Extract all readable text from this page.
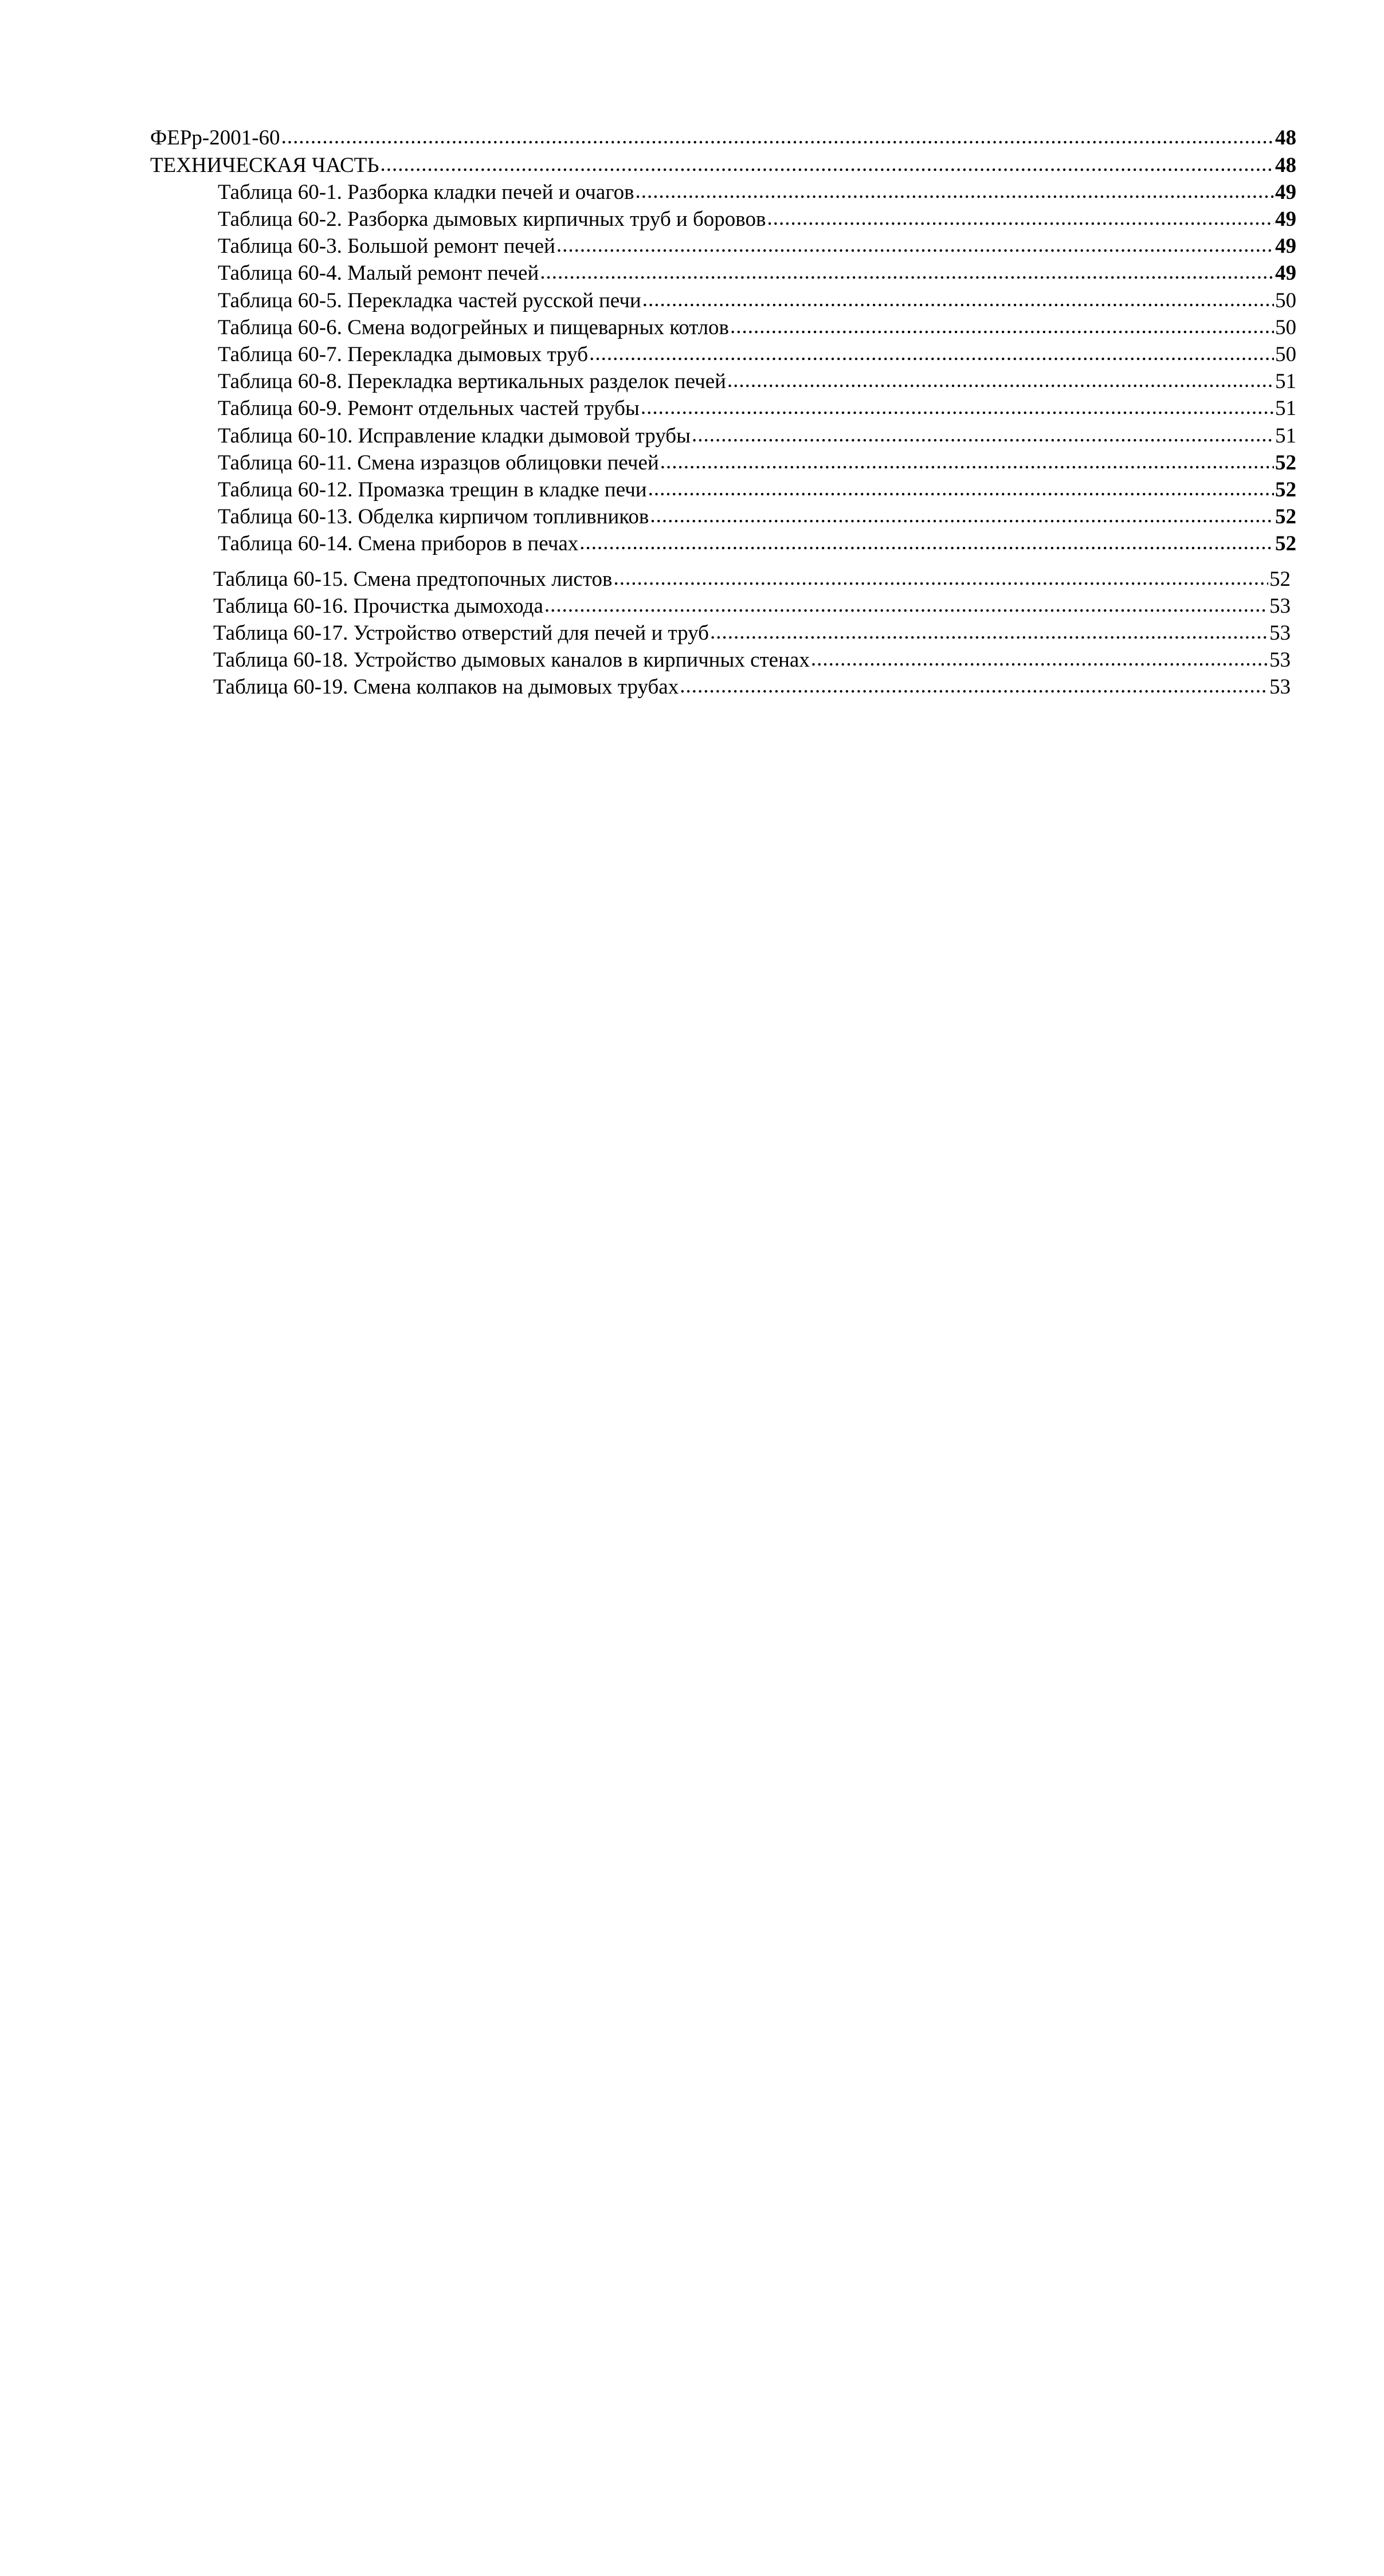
ФЕРр-2001-60 .....	48
ТЕХНИЧЕСКАЯ ЧАСТЬ .....	48
Таблица 60-1. Разборка кладки печей и очагов .....	49
Таблица 60-2. Разборка дымовых кирпичных труб и боровов .....	49
Таблица 60-3. Большой ремонт печей .....	49
Таблица 60-4. Малый ремонт печей .....	49
Таблица 60-5. Перекладка частей русской печи .....	50
Таблица 60-6. Смена водогрейных и пищеварных котлов .....	50
Таблица 60-7. Перекладка дымовых труб .....	50
Таблица 60-8. Перекладка вертикальных разделок печей .....	51
Таблица 60-9. Ремонт отдельных частей трубы .....	51
Таблица 60-10. Исправление кладки дымовой трубы .....	51
Таблица 60-11. Смена изразцов облицовки печей .....	52
Таблица 60-12. Промазка трещин в кладке печи .....	52
Таблица 60-13. Обделка кирпичом топливников .....	52
Таблица 60-14. Смена приборов в печах .....	52
Таблица 60-15. Смена предтопочных листов .....	52
Таблица 60-16. Прочистка дымохода .....	53
Таблица 60-17. Устройство отверстий для печей и труб .....	53
Таблица 60-18. Устройство дымовых каналов в кирпичных стенах .....	53
Таблица 60-19. Смена колпаков на дымовых трубах .....	53
